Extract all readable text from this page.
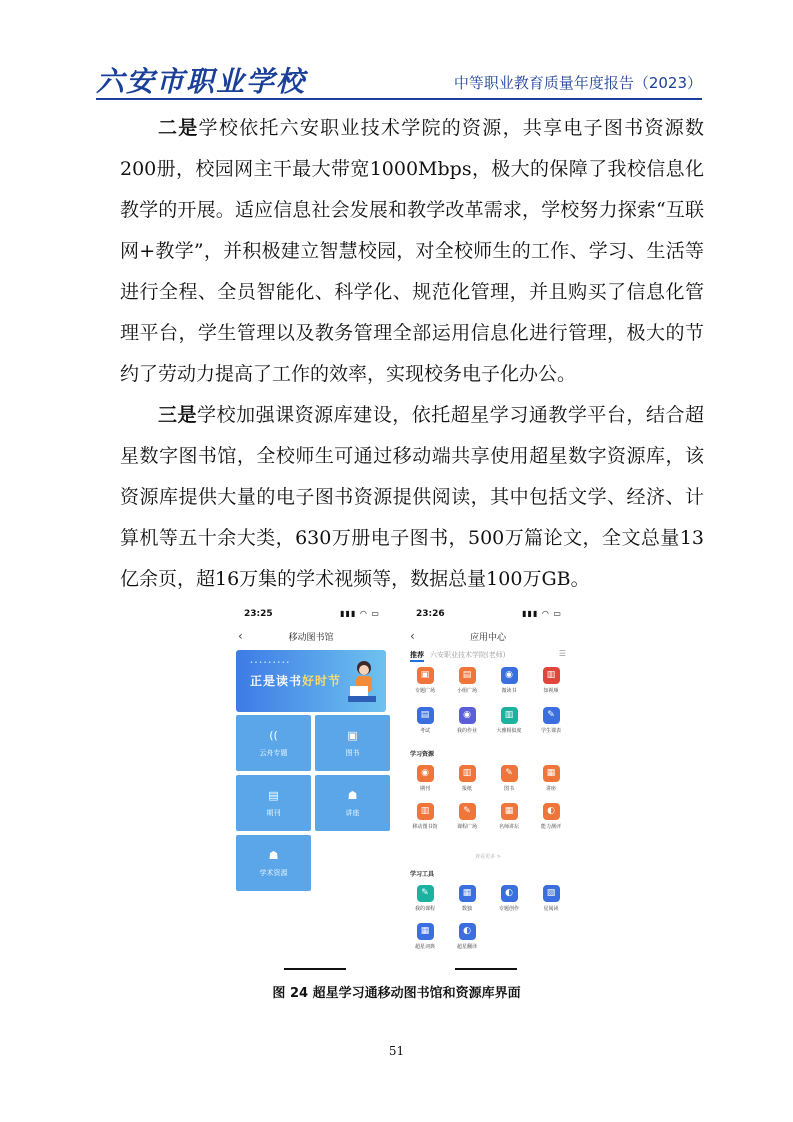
六安市职业学校	中等职业教育质量年度报告（2023）

二是学校依托六安职业技术学院的资源，共享电子图书资源数200册，校园网主干最大带宽1000Mbps，极大的保障了我校信息化教学的开展。适应信息社会发展和教学改革需求，学校努力探索“互联网+教学”，并积极建立智慧校园，对全校师生的工作、学习、生活等进行全程、全员智能化、科学化、规范化管理，并且购买了信息化管理平台，学生管理以及教务管理全部运用信息化进行管理，极大的节约了劳动力提高了工作的效率，实现校务电子化办公。

三是学校加强课资源库建设，依托超星学习通教学平台，结合超星数字图书馆，全校师生可通过移动端共享使用超星数字资源库，该资源库提供大量的电子图书资源提供阅读，其中包括文学、经济、计算机等五十余大类，630万册电子图书，500万篇论文，全文总量13亿余页，超16万集的学术视频等，数据总量100万GB。

23:25	▮▮▮ ◠ ▭
‹	移动图书馆
• • • • • • • • •
正是读书好时节
((
云舟专题
▣
图书
▤
期刊
☗
讲座
☗
学术资源
23:26	▮▮▮ ◠ ▭
‹	应用中心
推荐 六安职业技术学院(老师)	☰
▣
专题广场
▤
小组广场
◉
微读书
▥
知视频
▤
考试
◉
我的作业
▥
大雅相似度
✎
学生课表
学习资源
◉
期刊
▥
报纸
✎
图书
▦
讲座
▥
移动图书馆
✎
课程广场
▦
名师讲坛
◐
能力测评
查看更多 >
学习工具
✎
我的课程
▦
数独
◐
专题创作
▧
星阅读
▦
超星词典
◐
超星翻译
图 24 超星学习通移动图书馆和资源库界面
51
